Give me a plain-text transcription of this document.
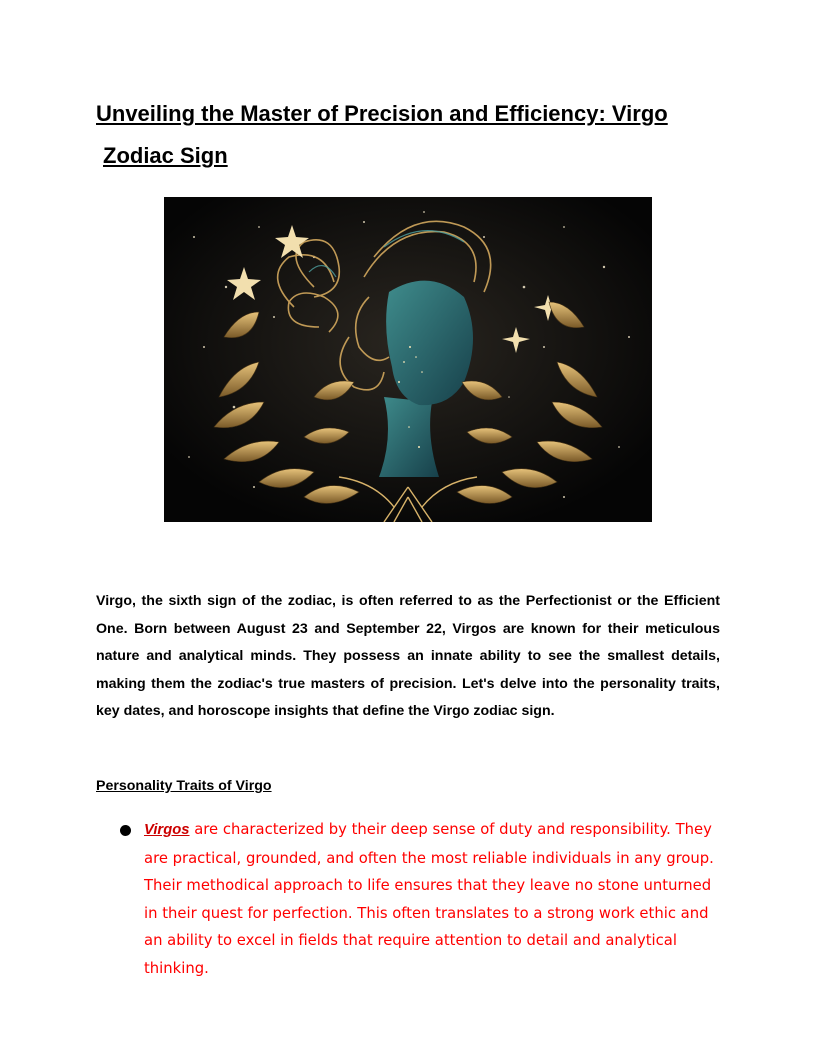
Unveiling the Master of Precision and Efficiency: Virgo
Zodiac Sign

Virgo, the sixth sign of the zodiac, is often referred to as the Perfectionist or the Efficient One. Born between August 23 and September 22, Virgos are known for their meticulous nature and analytical minds. They possess an innate ability to see the smallest details, making them the zodiac's true masters of precision. Let's delve into the personality traits, key dates, and horoscope insights that define the Virgo zodiac sign.

Personality Traits of Virgo
Virgos are characterized by their deep sense of duty and responsibility. They are practical, grounded, and often the most reliable individuals in any group. Their methodical approach to life ensures that they leave no stone unturned in their quest for perfection. This often translates to a strong work ethic and an ability to excel in fields that require attention to detail and analytical thinking.
